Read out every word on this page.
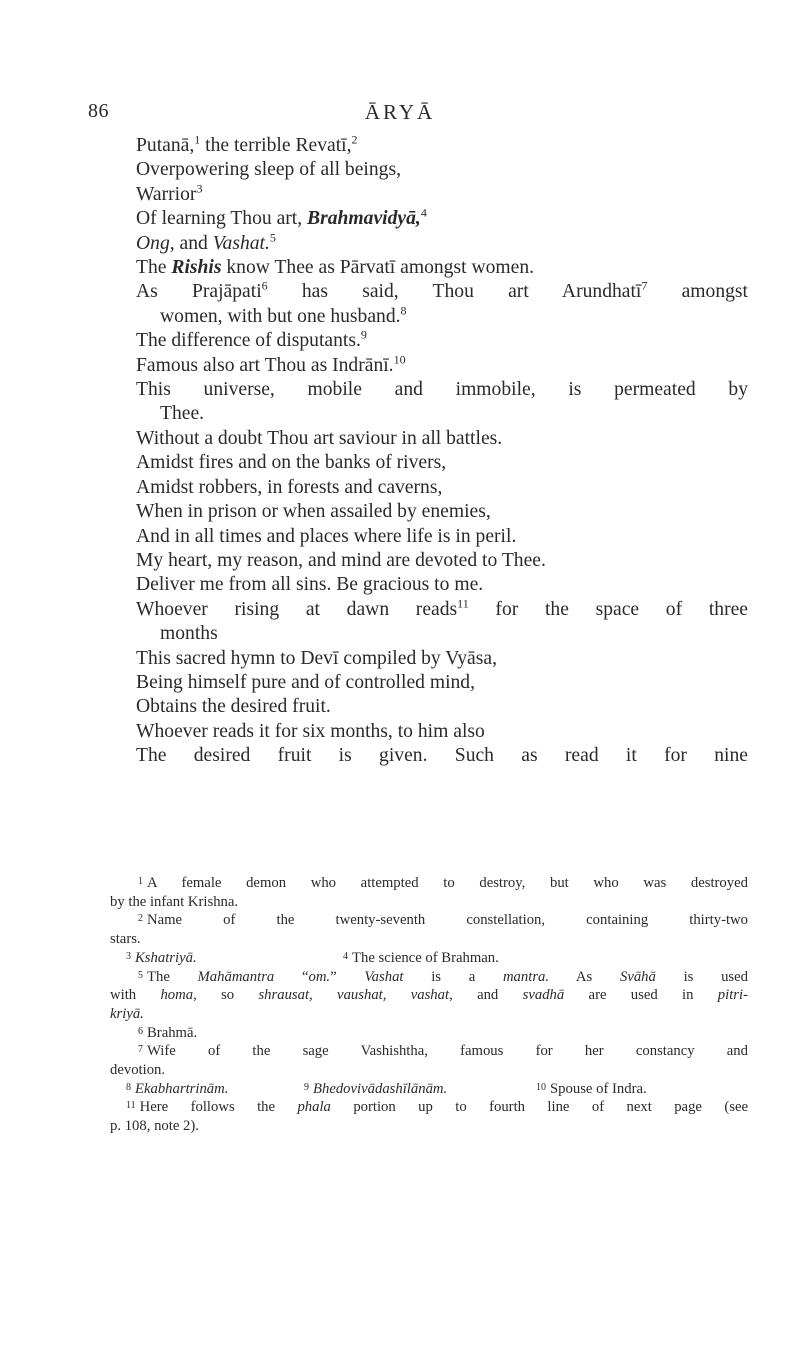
86	ĀRYĀ
Putanā,$^1$ the terrible Revatī,$^2$
Overpowering sleep of all beings,
Warrior$^3$
Of learning Thou art, Brahmavidyā,$^4$
Ong, and Vashat.$^5$
The Rishis know Thee as Pārvatī amongst women.
As Prajāpati$^6$ has said, Thou art Arundhatī$^7$ amongst
women, with but one husband.$^8$
The difference of disputants.$^9$
Famous also art Thou as Indrānī.$^{10}$
This universe, mobile and immobile, is permeated by
Thee.
Without a doubt Thou art saviour in all battles.
Amidst fires and on the banks of rivers,
Amidst robbers, in forests and caverns,
When in prison or when assailed by enemies,
And in all times and places where life is in peril.
My heart, my reason, and mind are devoted to Thee.
Deliver me from all sins. Be gracious to me.
Whoever rising at dawn reads$^{11}$ for the space of three
months
This sacred hymn to Devī compiled by Vyāsa,
Being himself pure and of controlled mind,
Obtains the desired fruit.
Whoever reads it for six months, to him also
The desired fruit is given. Such as read it for nine
$^1$ A female demon who attempted to destroy, but who was destroyed
by the infant Krishna.
$^2$ Name of the twenty-seventh constellation, containing thirty-two
stars.
$^3$ Kshatriyā.	$^4$ The science of Brahman.
$^5$ The Mahāmantra “om.” Vashat is a mantra. As Svāhā is used
with homa, so shrausat, vaushat, vashat, and svadhā are used in pitri-
kriyā.
$^6$ Brahmā.
$^7$ Wife of the sage Vashishtha, famous for her constancy and
devotion.
$^8$ Ekabhartrinām.	$^9$ Bhedovivādashīlānām.	$^{10}$ Spouse of Indra.
$^{11}$ Here follows the phala portion up to fourth line of next page (see
p. 108, note 2).
